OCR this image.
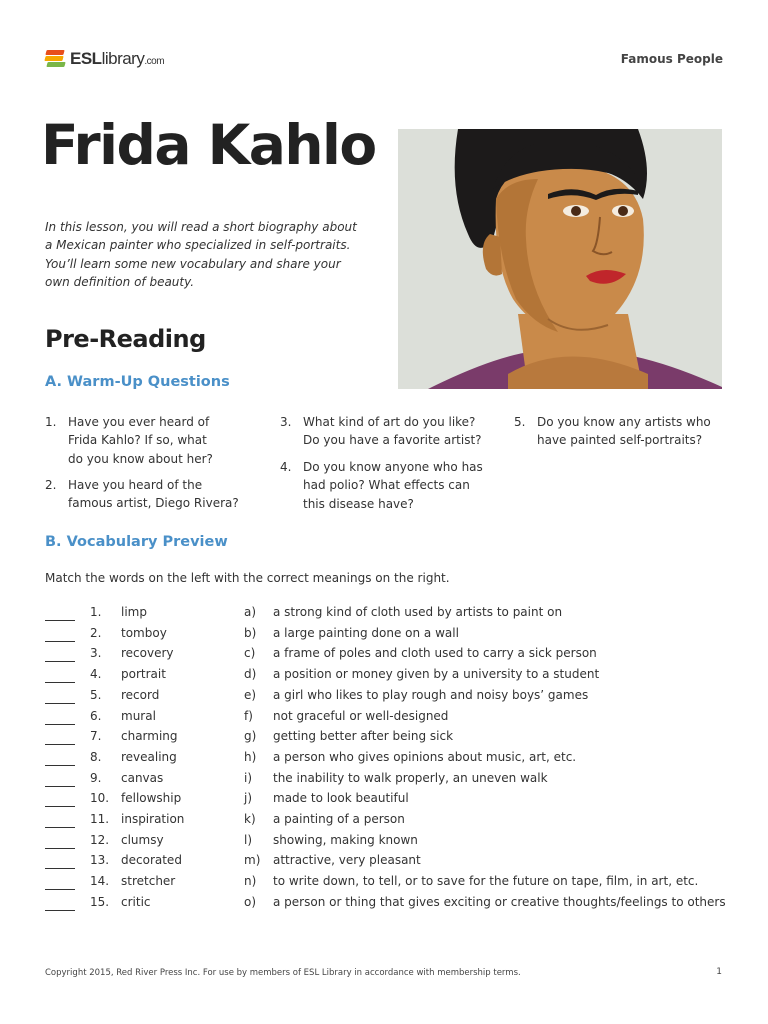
ESLlibrary.com	Famous People
Frida Kahlo
In this lesson, you will read a short biography about
a Mexican painter who specialized in self-portraits.
You’ll learn some new vocabulary and share your
own definition of beauty.
Pre-Reading
A. Warm-Up Questions
1. Have you ever heard of
Frida Kahlo? If so, what
do you know about her?
2. Have you heard of the
famous artist, Diego Rivera?
3. What kind of art do you like?
Do you have a favorite artist?
4. Do you know anyone who has
had polio? What effects can
this disease have?
5. Do you know any artists who
have painted self-portraits?
B. Vocabulary Preview
Match the words on the left with the correct meanings on the right.
1. limp	a) a strong kind of cloth used by artists to paint on
2. tomboy	b) a large painting done on a wall
3. recovery	c) a frame of poles and cloth used to carry a sick person
4. portrait	d) a position or money given by a university to a student
5. record	e) a girl who likes to play rough and noisy boys’ games
6. mural	f) not graceful or well-designed
7. charming	g) getting better after being sick
8. revealing	h) a person who gives opinions about music, art, etc.
9. canvas	i) the inability to walk properly, an uneven walk
10. fellowship	j) made to look beautiful
11. inspiration	k) a painting of a person
12. clumsy	l) showing, making known
13. decorated	m) attractive, very pleasant
14. stretcher	n) to write down, to tell, or to save for the future on tape, film, in art, etc.
15. critic	o) a person or thing that gives exciting or creative thoughts/feelings to others
Copyright 2015, Red River Press Inc. For use by members of ESL Library in accordance with membership terms.	1
